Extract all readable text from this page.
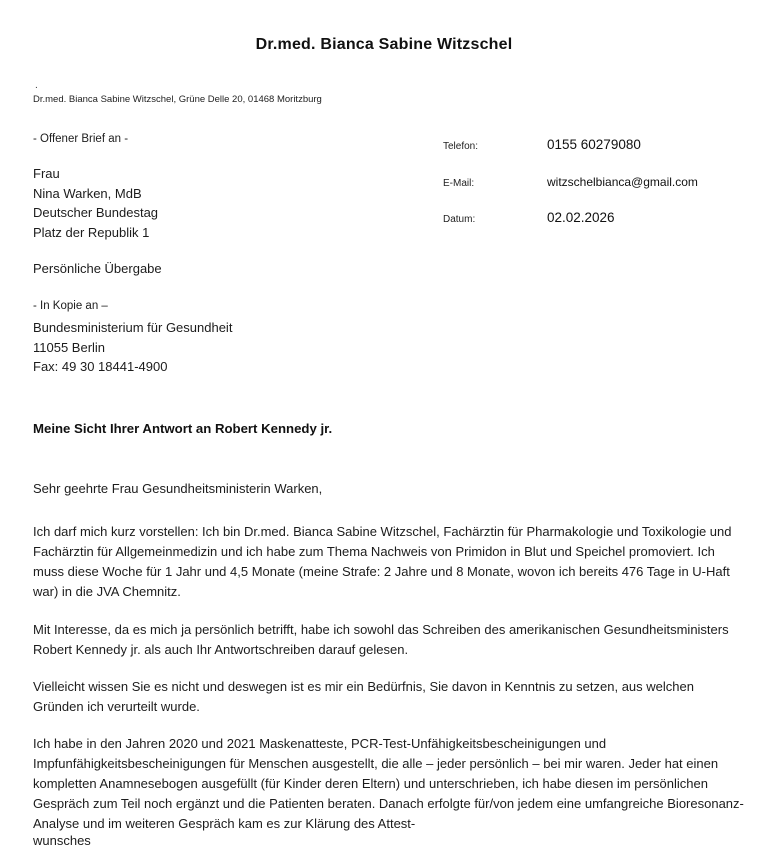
Dr.med. Bianca Sabine Witzschel
.
Dr.med. Bianca Sabine Witzschel, Grüne Delle 20, 01468 Moritzburg
- Offener Brief an -
Frau
Nina Warken, MdB
Deutscher Bundestag
Platz der Republik 1
Persönliche Übergabe
- In Kopie an –
Bundesministerium für Gesundheit
11055 Berlin
Fax: 49 30 18441-4900
Telefon:	0155 60279080
E-Mail:	witzschelbianca@gmail.com
Datum:	02.02.2026
Meine Sicht Ihrer Antwort an Robert Kennedy jr.
Sehr geehrte Frau Gesundheitsministerin Warken,

Ich darf mich kurz vorstellen: Ich bin Dr.med. Bianca Sabine Witzschel, Fachärztin für Pharmakologie und Toxikologie und Fachärztin für Allgemeinmedizin und ich habe zum Thema Nachweis von Primidon in Blut und Speichel promoviert. Ich muss diese Woche für 1 Jahr und 4,5 Monate (meine Strafe: 2 Jahre und 8 Monate, wovon ich bereits 476 Tage in U-Haft war) in die JVA Chemnitz.

Mit Interesse, da es mich ja persönlich betrifft, habe ich sowohl das Schreiben des amerikanischen Gesundheitsministers Robert Kennedy jr. als auch Ihr Antwortschreiben darauf gelesen.

Vielleicht wissen Sie es nicht und deswegen ist es mir ein Bedürfnis, Sie davon in Kenntnis zu setzen, aus welchen Gründen ich verurteilt wurde.

Ich habe in den Jahren 2020 und 2021 Maskenatteste, PCR-Test-Unfähigkeitsbescheinigungen und Impfunfähigkeitsbescheinigungen für Menschen ausgestellt, die alle – jeder persönlich – bei mir waren. Jeder hat einen kompletten Anamnesebogen ausgefüllt (für Kinder deren Eltern) und unterschrieben, ich habe diesen im persönlichen Gespräch zum Teil noch ergänzt und die Patienten beraten. Danach erfolgte für/von jedem eine umfangreiche Bioresonanz-Analyse und im weiteren Gespräch kam es zur Klärung des Attest-

wunsches
